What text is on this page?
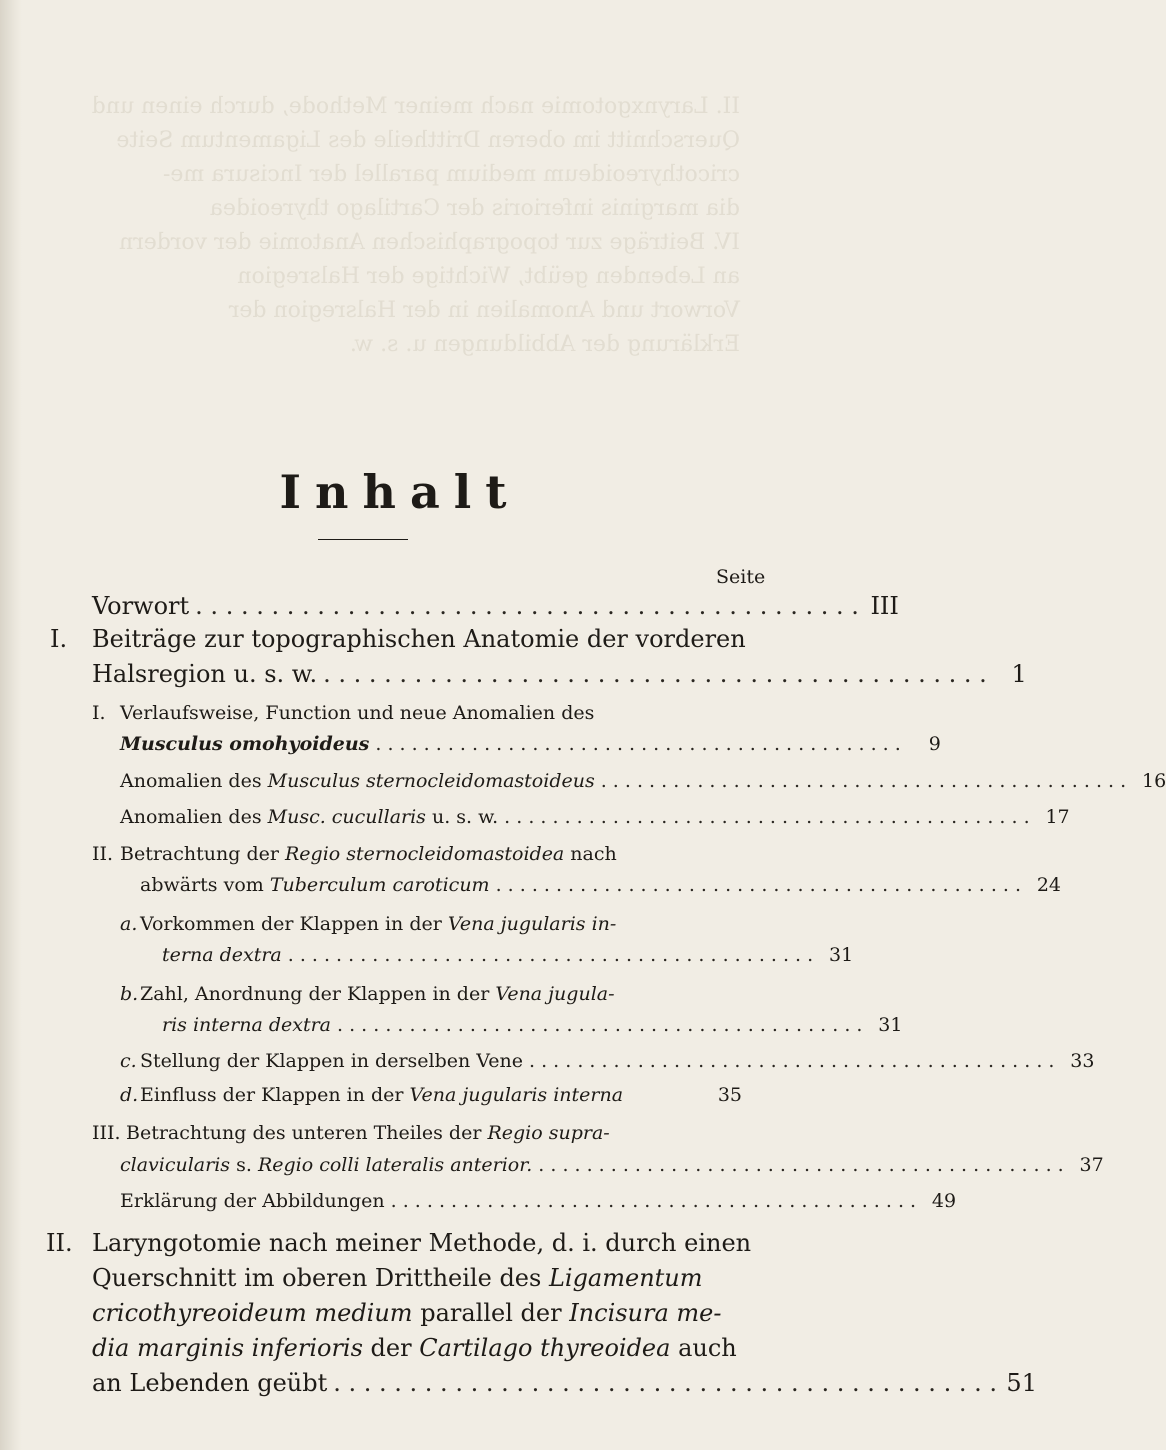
II. Larynxgotomie nach meiner Methode, durch einen und
Querschnitt im oberen Drittheile des Ligamentum Seite
cricothyreoideum medium parallel der Incisura me-
dia marginis inferioris der Cartilago thyreoidea
IV. Beiträge zur topographischen Anatomie der vordern
an Lebenden geübt, Wichtige der Halsregion
Vorwort und Anomalien in der Halsregion der
Erklärung der Abbildungen u. s. w.
Inhalt
Seite
Vorwort . . . . . . . . . . . . . . . . . . . . . . . . . . . . . . . . . . . . . . . . . . . . III
I. Beiträge zur topographischen Anatomie der vorderen
Halsregion u. s. w. . . . . . . . . . . . . . . . . . . . . . . . . . . . . . . . . . . . . . . . . . . . .	1
I. Verlaufsweise, Function und neue Anomalien des
Musculus omohyoideus . . . . . . . . . . . . . . . . . . . . . . . . . . . . . . . . . . . . . . . . . . . .	9
Anomalien des Musculus sternocleidomastoideus . . . . . . . . . . . . . . . . . . . . . . . . . . . . . . . . . . . . . . . . . . . . 16
Anomalien des Musc. cucullaris u. s. w. . . . . . . . . . . . . . . . . . . . . . . . . . . . . . . . . . . . . . . . . . . . . 17
II. Betrachtung der Regio sternocleidomastoidea nach
abwärts vom Tuberculum caroticum . . . . . . . . . . . . . . . . . . . . . . . . . . . . . . . . . . . . . . . . . . . . 24
a. Vorkommen der Klappen in der Vena jugularis in-
terna dextra . . . . . . . . . . . . . . . . . . . . . . . . . . . . . . . . . . . . . . . . . . . . 31
b. Zahl, Anordnung der Klappen in der Vena jugula-
ris interna dextra . . . . . . . . . . . . . . . . . . . . . . . . . . . . . . . . . . . . . . . . . . . . 31
c. Stellung der Klappen in derselben Vene . . . . . . . . . . . . . . . . . . . . . . . . . . . . . . . . . . . . . . . . . . . . 33
d. Einfluss der Klappen in der Vena jugularis interna	35
III. Betrachtung des unteren Theiles der Regio supra-
clavicularis s. Regio colli lateralis anterior. . . . . . . . . . . . . . . . . . . . . . . . . . . . . . . . . . . . . . . . . . . . . 37
Erklärung der Abbildungen . . . . . . . . . . . . . . . . . . . . . . . . . . . . . . . . . . . . . . . . . . . . 49
II. Laryngotomie nach meiner Methode, d. i. durch einen
Querschnitt im oberen Drittheile des Ligamentum
cricothyreoideum medium parallel der Incisura me-
dia marginis inferioris der Cartilago thyreoidea auch
an Lebenden geübt . . . . . . . . . . . . . . . . . . . . . . . . . . . . . . . . . . . . . . . . . . . . 51
